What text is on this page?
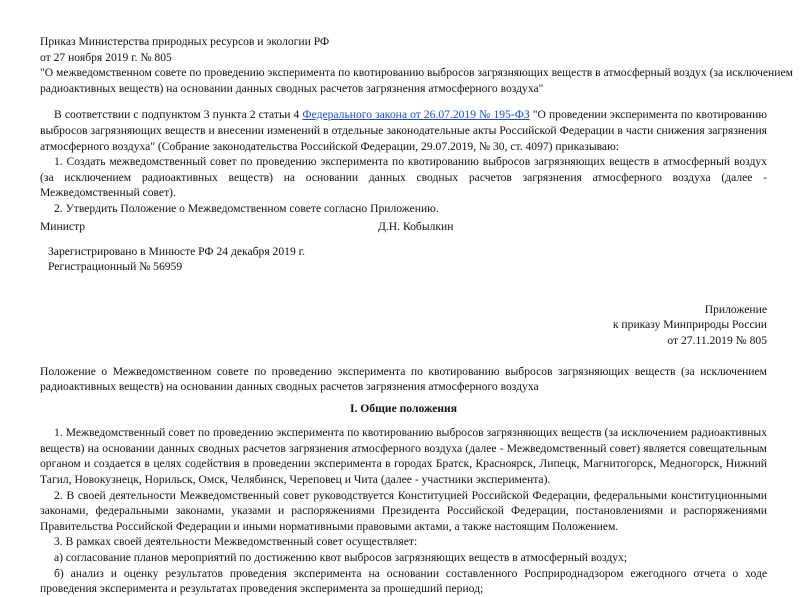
Приказ Министерства природных ресурсов и экологии РФ
от 27 ноября 2019 г. № 805
"О межведомственном совете по проведению эксперимента по квотированию выбросов загрязняющих веществ в атмосферный воздух (за исключением
радиоактивных веществ) на основании данных сводных расчетов загрязнения атмосферного воздуха"

В соответствии с подпунктом 3 пункта 2 статьи 4 Федерального закона от 26.07.2019 № 195-ФЗ "О проведении эксперимента по квотированию выбросов загрязняющих веществ и внесении изменений в отдельные законодательные акты Российской Федерации в части снижения загрязнения атмосферного воздуха" (Собрание законодательства Российской Федерации, 29.07.2019, № 30, ст. 4097) приказываю:

1. Создать межведомственный совет по проведению эксперимента по квотированию выбросов загрязняющих веществ в атмосферный воздух (за исключением радиоактивных веществ) на основании данных сводных расчетов загрязнения атмосферного воздуха (далее - Межведомственный совет).

2. Утвердить Положение о Межведомственном совете согласно Приложению.

Министр	Д.Н. Кобылкин
Зарегистрировано в Минюсте РФ 24 декабря 2019 г.
Регистрационный № 56959
Приложение
к приказу Минприроды России
от 27.11.2019 № 805
Положение о Межведомственном совете по проведению эксперимента по квотированию выбросов загрязняющих веществ (за исключением радиоактивных веществ) на основании данных сводных расчетов загрязнения атмосферного воздуха
I. Общие положения

1. Межведомственный совет по проведению эксперимента по квотированию выбросов загрязняющих веществ (за исключением радиоактивных веществ) на основании данных сводных расчетов загрязнения атмосферного воздуха (далее - Межведомственный совет) является совещательным органом и создается в целях содействия в проведении эксперимента в городах Братск, Красноярск, Липецк, Магнитогорск, Медногорск, Нижний Тагил, Новокузнецк, Норильск, Омск, Челябинск, Череповец и Чита (далее - участники эксперимента).

2. В своей деятельности Межведомственный совет руководствуется Конституцией Российской Федерации, федеральными конституционными законами, федеральными законами, указами и распоряжениями Президента Российской Федерации, постановлениями и распоряжениями Правительства Российской Федерации и иными нормативными правовыми актами, а также настоящим Положением.

3. В рамках своей деятельности Межведомственный совет осуществляет:

а) согласование планов мероприятий по достижению квот выбросов загрязняющих веществ в атмосферный воздух;

б) анализ и оценку результатов проведения эксперимента на основании составленного Росприроднадзором ежегодного отчета о ходе проведения эксперимента и результатах проведения эксперимента за прошедший период;
